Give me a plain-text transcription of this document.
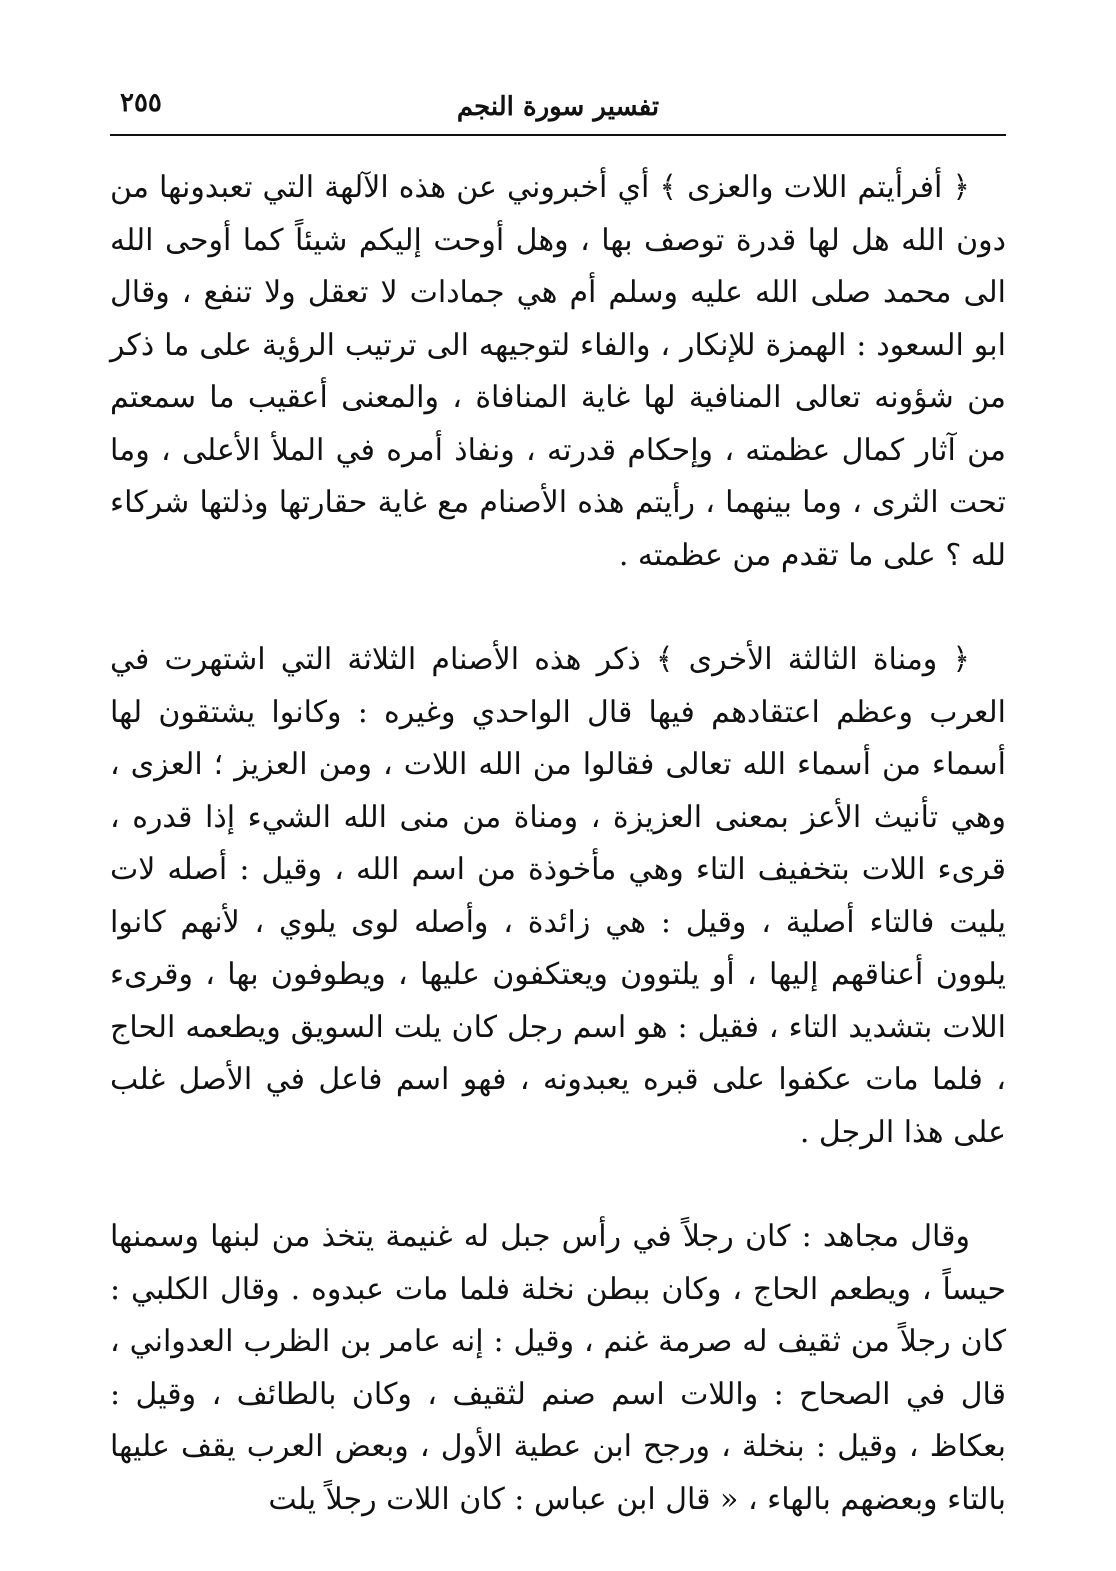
تفسير سورة النجم
٢٥٥

﴿ أفرأيتم اللات والعزى ﴾ أي أخبروني عن هذه الآلهة التي تعبدونها من دون الله هل لها قدرة توصف بها ، وهل أوحت إليكم شيئاً كما أوحى الله الى محمد صلى الله عليه وسلم أم هي جمادات لا تعقل ولا تنفع ، وقال ابو السعود : الهمزة للإنكار ، والفاء لتوجيهه الى ترتيب الرؤية على ما ذكر من شؤونه تعالى المنافية لها غاية المنافاة ، والمعنى أعقيب ما سمعتم من آثار كمال عظمته ، وإحكام قدرته ، ونفاذ أمره في الملأ الأعلى ، وما تحت الثرى ، وما بينهما ، رأيتم هذه الأصنام مع غاية حقارتها وذلتها شركاء لله ؟ على ما تقدم من عظمته .

﴿ ومناة الثالثة الأخرى ﴾ ذكر هذه الأصنام الثلاثة التي اشتهرت في العرب وعظم اعتقادهم فيها قال الواحدي وغيره : وكانوا يشتقون لها أسماء من أسماء الله تعالى فقالوا من الله اللات ، ومن العزيز ؛ العزى ، وهي تأنيث الأعز بمعنى العزيزة ، ومناة من منى الله الشيء إذا قدره ، قرىء اللات بتخفيف التاء وهي مأخوذة من اسم الله ، وقيل : أصله لات يليت فالتاء أصلية ، وقيل : هي زائدة ، وأصله لوى يلوي ، لأنهم كانوا يلوون أعناقهم إليها ، أو يلتوون ويعتكفون عليها ، ويطوفون بها ، وقرىء اللات بتشديد التاء ، فقيل : هو اسم رجل كان يلت السويق ويطعمه الحاج ، فلما مات عكفوا على قبره يعبدونه ، فهو اسم فاعل في الأصل غلب على هذا الرجل .

وقال مجاهد : كان رجلاً في رأس جبل له غنيمة يتخذ من لبنها وسمنها حيساً ، ويطعم الحاج ، وكان ببطن نخلة فلما مات عبدوه . وقال الكلبي : كان رجلاً من ثقيف له صرمة غنم ، وقيل : إنه عامر بن الظرب العدواني ، قال في الصحاح : واللات اسم صنم لثقيف ، وكان بالطائف ، وقيل : بعكاظ ، وقيل : بنخلة ، ورجح ابن عطية الأول ، وبعض العرب يقف عليها بالتاء وبعضهم بالهاء ، « قال ابن عباس : كان اللات رجلاً يلت
